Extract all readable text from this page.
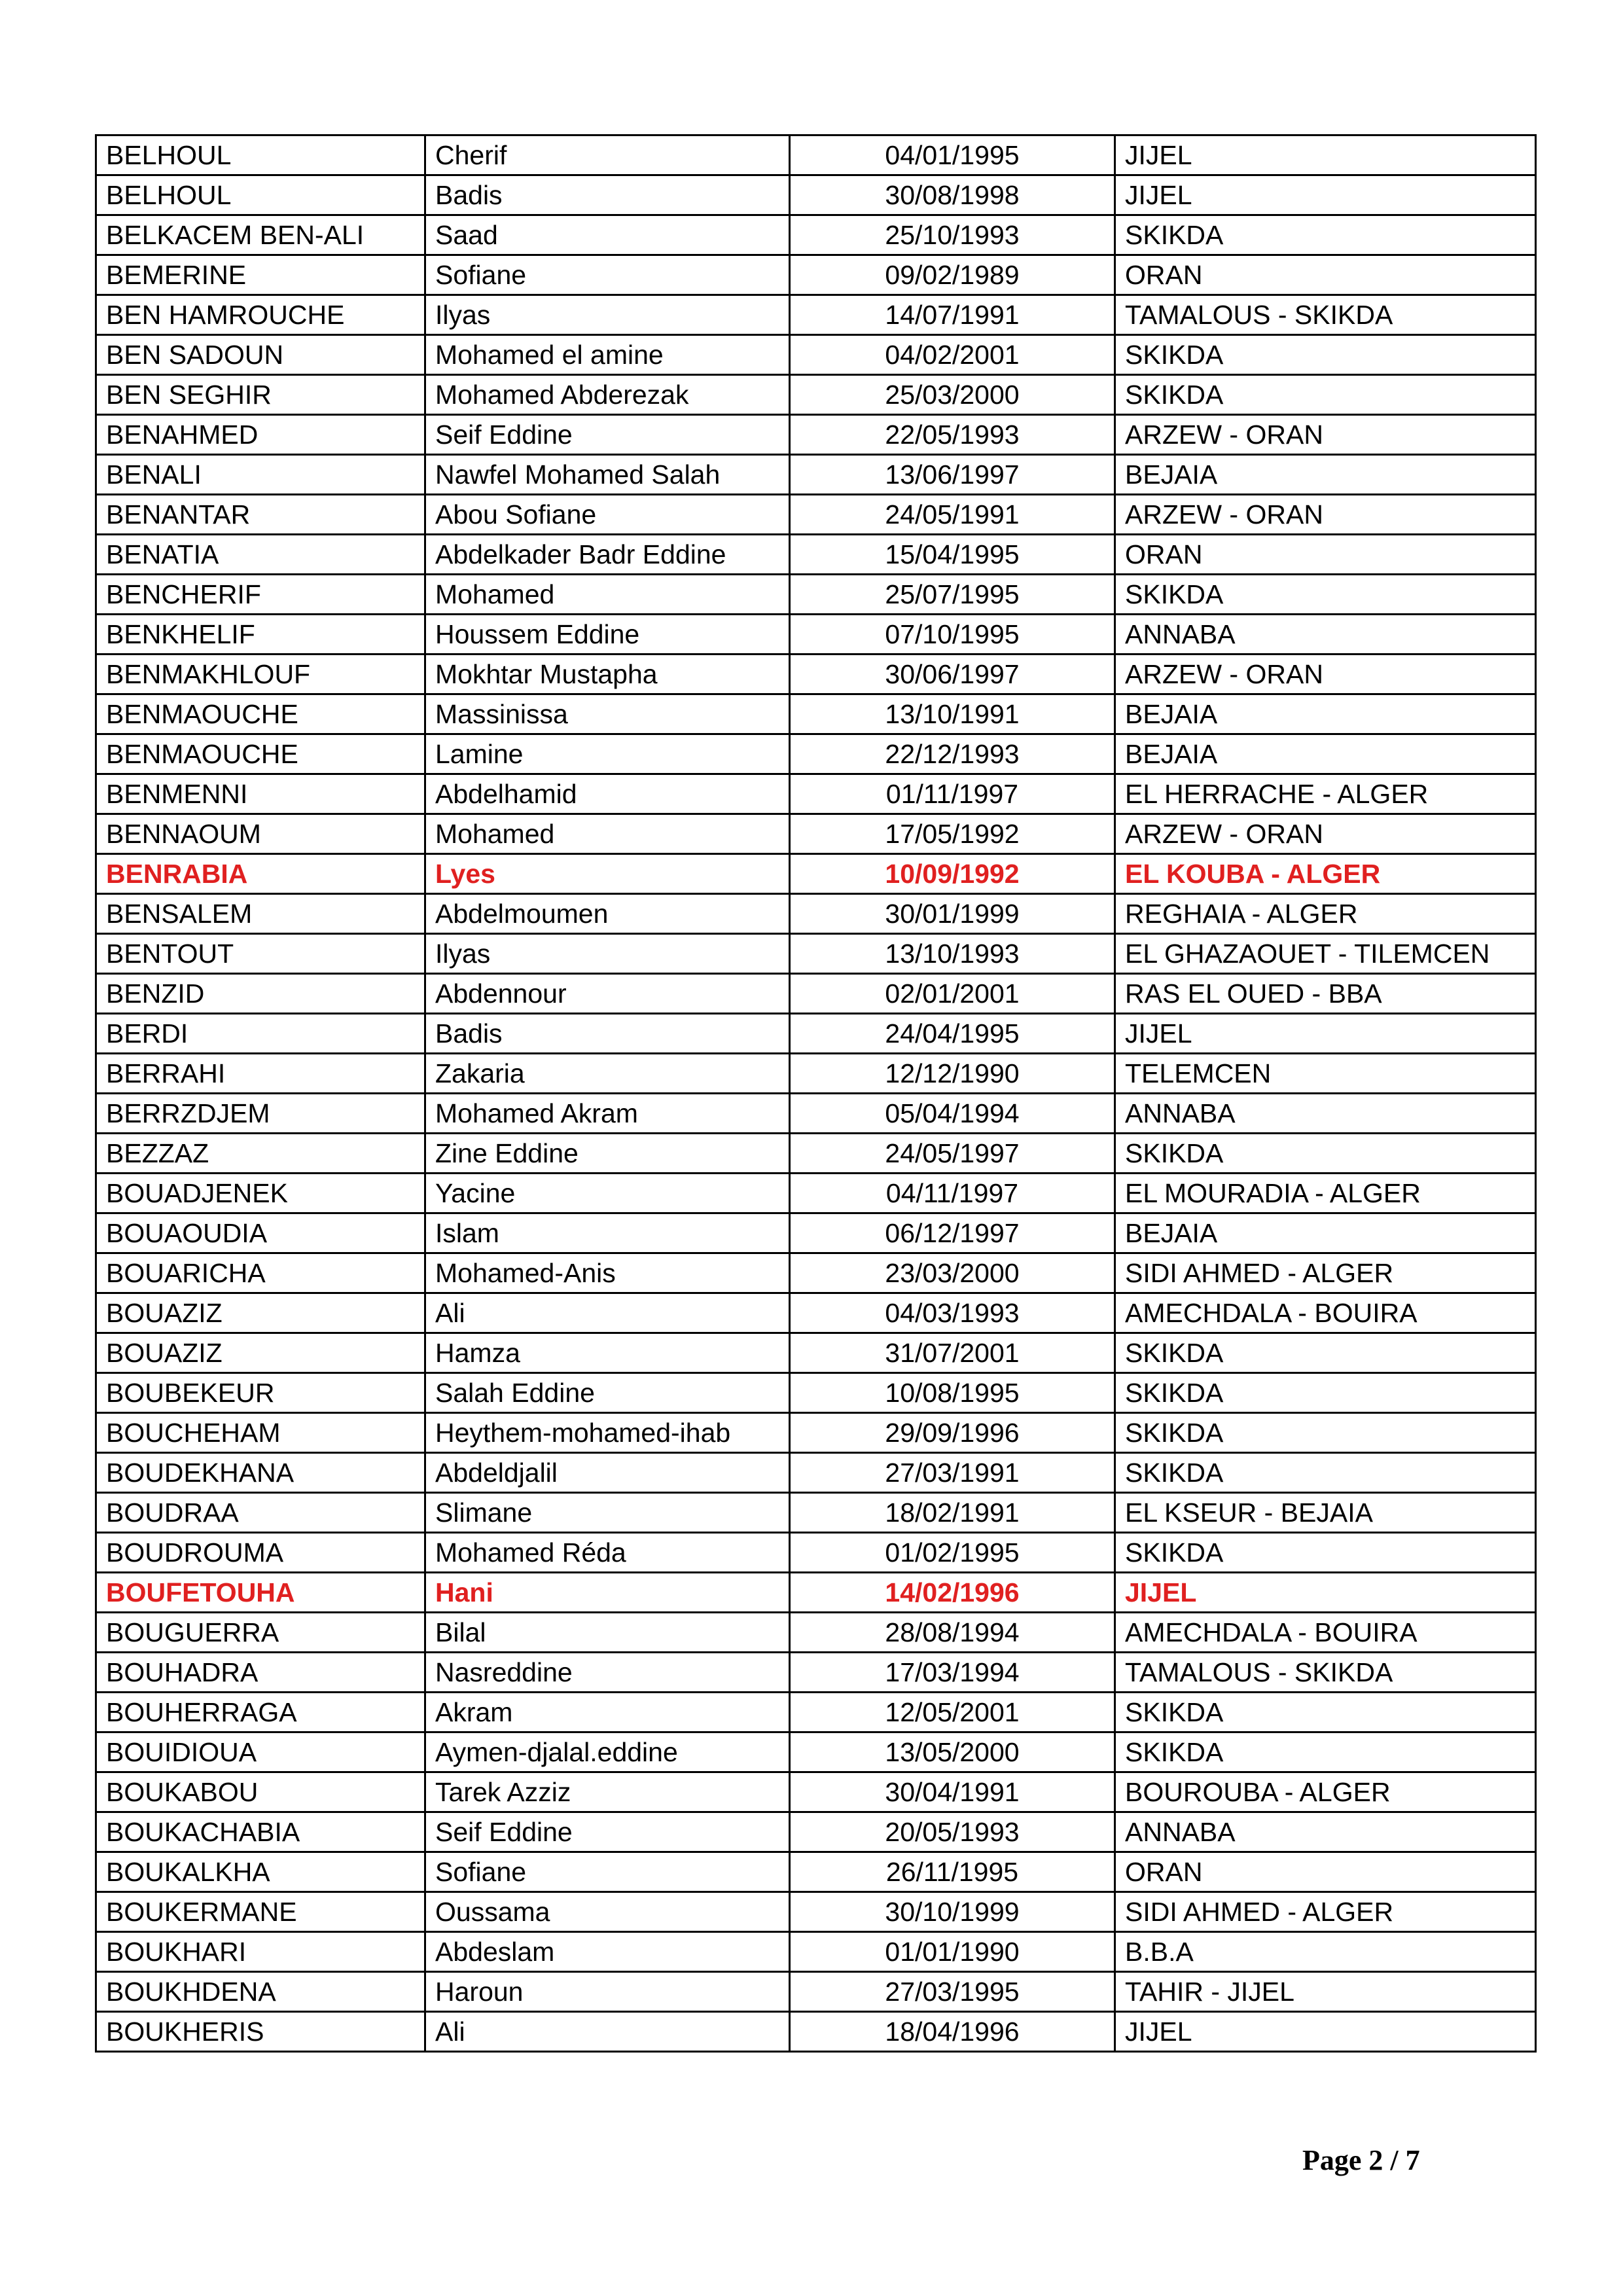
BELHOUL	Cherif	04/01/1995	JIJEL
BELHOUL	Badis	30/08/1998	JIJEL
BELKACEM BEN-ALI	Saad	25/10/1993	SKIKDA
BEMERINE	Sofiane	09/02/1989	ORAN
BEN HAMROUCHE	Ilyas	14/07/1991	TAMALOUS - SKIKDA
BEN SADOUN	Mohamed el amine	04/02/2001	SKIKDA
BEN SEGHIR	Mohamed Abderezak	25/03/2000	SKIKDA
BENAHMED	Seif Eddine	22/05/1993	ARZEW - ORAN
BENALI	Nawfel Mohamed Salah	13/06/1997	BEJAIA
BENANTAR	Abou Sofiane	24/05/1991	ARZEW - ORAN
BENATIA	Abdelkader Badr Eddine	15/04/1995	ORAN
BENCHERIF	Mohamed	25/07/1995	SKIKDA
BENKHELIF	Houssem Eddine	07/10/1995	ANNABA
BENMAKHLOUF	Mokhtar Mustapha	30/06/1997	ARZEW - ORAN
BENMAOUCHE	Massinissa	13/10/1991	BEJAIA
BENMAOUCHE	Lamine	22/12/1993	BEJAIA
BENMENNI	Abdelhamid	01/11/1997	EL HERRACHE - ALGER
BENNAOUM	Mohamed	17/05/1992	ARZEW - ORAN
BENRABIA	Lyes	10/09/1992	EL KOUBA - ALGER
BENSALEM	Abdelmoumen	30/01/1999	REGHAIA - ALGER
BENTOUT	Ilyas	13/10/1993	EL GHAZAOUET - TILEMCEN
BENZID	Abdennour	02/01/2001	RAS EL OUED - BBA
BERDI	Badis	24/04/1995	JIJEL
BERRAHI	Zakaria	12/12/1990	TELEMCEN
BERRZDJEM	Mohamed Akram	05/04/1994	ANNABA
BEZZAZ	Zine Eddine	24/05/1997	SKIKDA
BOUADJENEK	Yacine	04/11/1997	EL MOURADIA - ALGER
BOUAOUDIA	Islam	06/12/1997	BEJAIA
BOUARICHA	Mohamed-Anis	23/03/2000	SIDI AHMED - ALGER
BOUAZIZ	Ali	04/03/1993	AMECHDALA - BOUIRA
BOUAZIZ	Hamza	31/07/2001	SKIKDA
BOUBEKEUR	Salah Eddine	10/08/1995	SKIKDA
BOUCHEHAM	Heythem-mohamed-ihab	29/09/1996	SKIKDA
BOUDEKHANA	Abdeldjalil	27/03/1991	SKIKDA
BOUDRAA	Slimane	18/02/1991	EL KSEUR - BEJAIA
BOUDROUMA	Mohamed Réda	01/02/1995	SKIKDA
BOUFETOUHA	Hani	14/02/1996	JIJEL
BOUGUERRA	Bilal	28/08/1994	AMECHDALA - BOUIRA
BOUHADRA	Nasreddine	17/03/1994	TAMALOUS - SKIKDA
BOUHERRAGA	Akram	12/05/2001	SKIKDA
BOUIDIOUA	Aymen-djalal.eddine	13/05/2000	SKIKDA
BOUKABOU	Tarek Azziz	30/04/1991	BOUROUBA - ALGER
BOUKACHABIA	Seif Eddine	20/05/1993	ANNABA
BOUKALKHA	Sofiane	26/11/1995	ORAN
BOUKERMANE	Oussama	30/10/1999	SIDI AHMED - ALGER
BOUKHARI	Abdeslam	01/01/1990	B.B.A
BOUKHDENA	Haroun	27/03/1995	TAHIR - JIJEL
BOUKHERIS	Ali	18/04/1996	JIJEL
Page 2 / 7
